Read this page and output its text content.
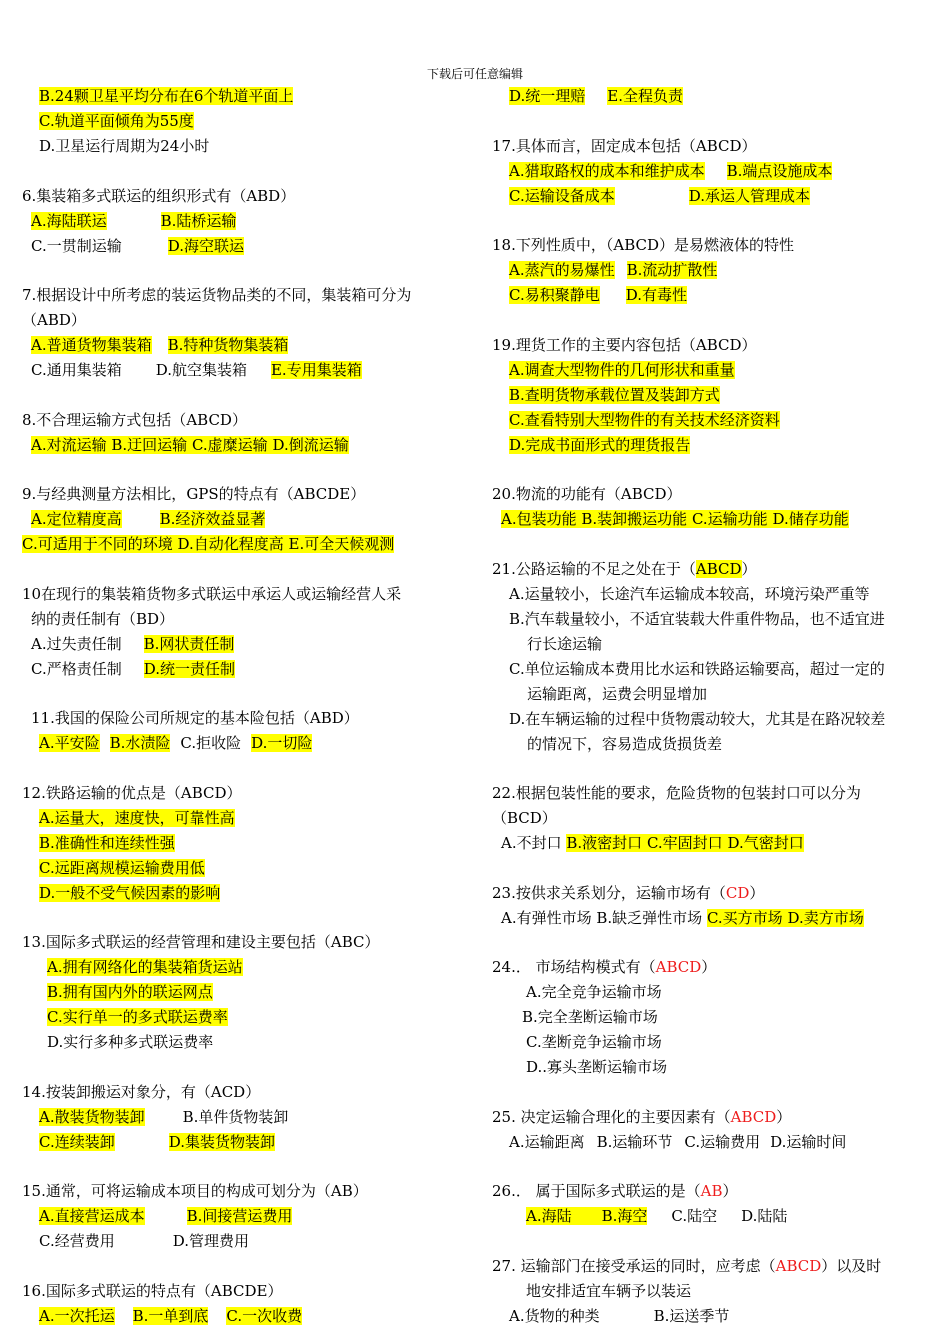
下载后可任意编辑
B.24颗卫星平均分布在6个轨道平面上
C.轨道平面倾角为55度
D.卫星运行周期为24小时
6.集装箱多式联运的组织形式有（ABD）
A.海陆联运	B.陆桥运输
C.一贯制运输	D.海空联运
7.根据设计中所考虑的装运货物品类的不同，集装箱可分为
（ABD）
A.普通货物集装箱 B.特种货物集装箱
C.通用集装箱 D.航空集装箱 E.专用集装箱
8.不合理运输方式包括（ABCD）
A.对流运输 B.迂回运输 C.虚糜运输 D.倒流运输
9.与经典测量方法相比，GPS的特点有（ABCDE）
A.定位精度高	B.经济效益显著
C.可适用于不同的环境 D.自动化程度高 E.可全天候观测
10在现行的集装箱货物多式联运中承运人或运输经营人采
纳的责任制有（BD）
A.过失责任制 B.网状责任制
C.严格责任制 D.统一责任制
11.我国的保险公司所规定的基本险包括（ABD）
A.平安险 B.水渍险 C.拒收险 D.一切险
12.铁路运输的优点是（ABCD）
A.运量大，速度快，可靠性高
B.准确性和连续性强
C.远距离规模运输费用低
D.一般不受气候因素的影响
13.国际多式联运的经营管理和建设主要包括（ABC）
A.拥有网络化的集装箱货运站
B.拥有国内外的联运网点
C.实行单一的多式联运费率
D.实行多种多式联运费率
14.按装卸搬运对象分，有（ACD）
A.散装货物装卸	B.单件货物装卸
C.连续装卸	D.集装货物装卸
15.通常，可将运输成本项目的构成可划分为（AB）
A.直接营运成本	B.间接营运费用
C.经营费用	D.管理费用
16.国际多式联运的特点有（ABCDE）
A.一次托运 B.一单到底 C.一次收费
D.统一理赔 E.全程负责
17.具体而言，固定成本包括（ABCD）
A.猎取路权的成本和维护成本 B.端点设施成本
C.运输设备成本	D.承运人管理成本
18.下列性质中，（ABCD）是易燃液体的特性
A.蒸汽的易爆性 B.流动扩散性
C.易积聚静电 D.有毒性
19.理货工作的主要内容包括（ABCD）
A.调查大型物件的几何形状和重量
B.查明货物承载位置及装卸方式
C.查看特别大型物件的有关技术经济资料
D.完成书面形式的理货报告
20.物流的功能有（ABCD）
A.包装功能 B.装卸搬运功能 C.运输功能 D.储存功能
21.公路运输的不足之处在于（ABCD）
A.运量较小，长途汽车运输成本较高，环境污染严重等
B.汽车载量较小，不适宜装载大件重件物品，也不适宜进
行长途运输
C.单位运输成本费用比水运和铁路运输要高，超过一定的
运输距离，运费会明显增加
D.在车辆运输的过程中货物震动较大，尤其是在路况较差
的情况下，容易造成货损货差
22.根据包装性能的要求，危险货物的包装封口可以分为
（BCD）
A.不封口 B.液密封口 C.牢固封口 D.气密封口
23.按供求关系划分，运输市场有（CD）
A.有弹性市场 B.缺乏弹性市场 C.买方市场 D.卖方市场
24.． 市场结构模式有（ABCD）
A.完全竞争运输市场
B.完全垄断运输市场
C.垄断竞争运输市场
D..寡头垄断运输市场
25. 决定运输合理化的主要因素有（ABCD）
A.运输距离 B.运输环节 C.运输费用 D.运输时间
26.． 属于国际多式联运的是（AB）
A.海陆 B.海空 C.陆空 D.陆陆
27. 运输部门在接受承运的同时，应考虑（ABCD）以及时
地安排适宜车辆予以装运
A.货物的种类	B.运送季节
